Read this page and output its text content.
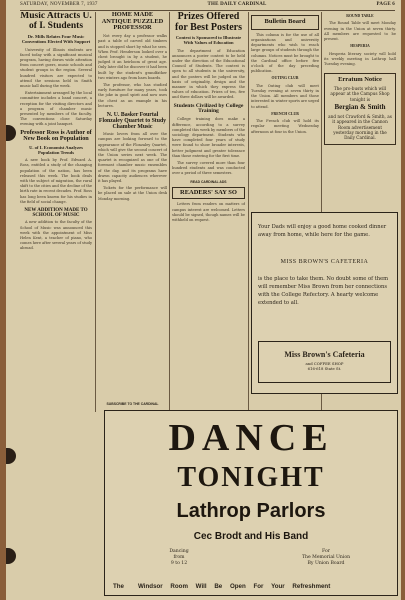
SATURDAY, NOVEMBER 7, 1937	THE DAILY CARDINAL	PAGE 6
Music Attracts U. of I. Students
Dr. Mills Relates Four Music Conventions Elected With Support

University of Illinois students are faced today with a significant musical program, having drawn wide attention from concert goers, music schools and student groups in the region. Several hundred visitors are expected to attend the sessions held in Smith music hall during the week.

Entertainment arranged by the local committee includes a band concert, a reception for the visiting directors and a program of chamber music presented by members of the faculty. The conventions close Saturday evening with a joint banquet.

Professor Ross is Author of New Book on Population
U. of I. Economist Analyzes Population Trends

A new book by Prof. Edward A. Ross, entitled a study of the changing population of the nation, has been released this week. The book deals with the subject of migration, the rural shift to the cities and the decline of the birth rate in recent decades. Prof. Ross has long been known for his studies in the field of social change.

NEW ADDITION MADE TO SCHOOL OF MUSIC

A new addition to the faculty of the School of Music was announced this week with the appointment of Miss Helen Kent, a teacher of piano, who comes here after several years of study abroad.

HOME MADE ANTIQUE PUZZLED PROFESSOR

Not every day a professor walks past a table of carved old timbers and is stopped short by what he sees. When Prof. Henderson looked over a chest brought in by a student, he judged it an heirloom of great age. Only later did he discover it had been built by the student's grandfather two winters ago from barn boards.

The professor, who has studied early furniture for many years, took the joke in good spirit and now uses the chest as an example in his lectures.

N. U. Basker Fourtal Flonzaley Quartet to Study Chamber Music

Music lovers from all over the campus are looking forward to the appearance of the Flonzaley Quartet, which will give the second concert of the Union series next week. The quartet is recognized as one of the foremost chamber music ensembles of the day, and its programs have drawn capacity audiences wherever it has played.

Tickets for the performance will be placed on sale at the Union desk Monday morning.

SUBSCRIBE TO THE CARDINAL
Prizes Offered for Best Posters
Contest is Sponsored to Illustrate With Values of Education

The department of Education announces a poster contest to be held under the direction of the Educational Council of Students. The contest is open to all students in the university, and the posters will be judged on the basis of originality, design and the manner in which they express the values of education. Prizes of ten, five and three dollars will be awarded.

Students Civilized by College Training

College training does make a difference, according to a survey completed this week by members of the sociology department. Students who have completed four years of study were found to show broader interests, better judgment and greater tolerance than those entering for the first time.

The survey covered more than four hundred students and was conducted over a period of three semesters.

READ CARDINAL ADS
READERS' SAY SO

Letters from readers on matters of campus interest are welcomed. Letters should be signed, though names will be withheld on request.

Bulletin Board

This column is for the use of all organizations and university departments who wish to reach large groups of students through the columns. Notices must be brought to the Cardinal office before five o'clock of the day preceding publication.

OUTING CLUB

The Outing club will meet Tuesday evening at seven thirty in the Union. All members and those interested in winter sports are urged to attend.

FRENCH CLUB

The French club will hold its regular meeting Wednesday afternoon at four in the Union.

ROUND TABLE

The Round Table will meet Monday evening in the Union at seven thirty. All members are requested to be present.

HESPERIA

Hesperia literary society will hold its weekly meeting in Lathrop hall Tuesday evening.

Erratum Notice
The pro-busts which will appear at the Campus Shop tonight is
Bergian & Smith
and not Crawford & Smith, as it appeared in the Cannon Room advertisement yesterday morning in the Daily Cardinal.
Your Dads will enjoy a good home cooked dinner away from home, while here for the game.
MISS BROWN'S CAFETERIA
is the place to take them. No doubt some of them will remember Miss Brown from her connections with the College Refectory. A hearty welcome extended to all.
Miss Brown's Cafeteria
and COFFEE SHOP
616-618 State St.
DANCE
TONIGHT
Lathrop Parlors
Cec Brodt and His Band
Dancing
from
9 to 12
For
The Memorial Union
By Union Board
The Windsor Room Will Be Open For Your Refreshment
